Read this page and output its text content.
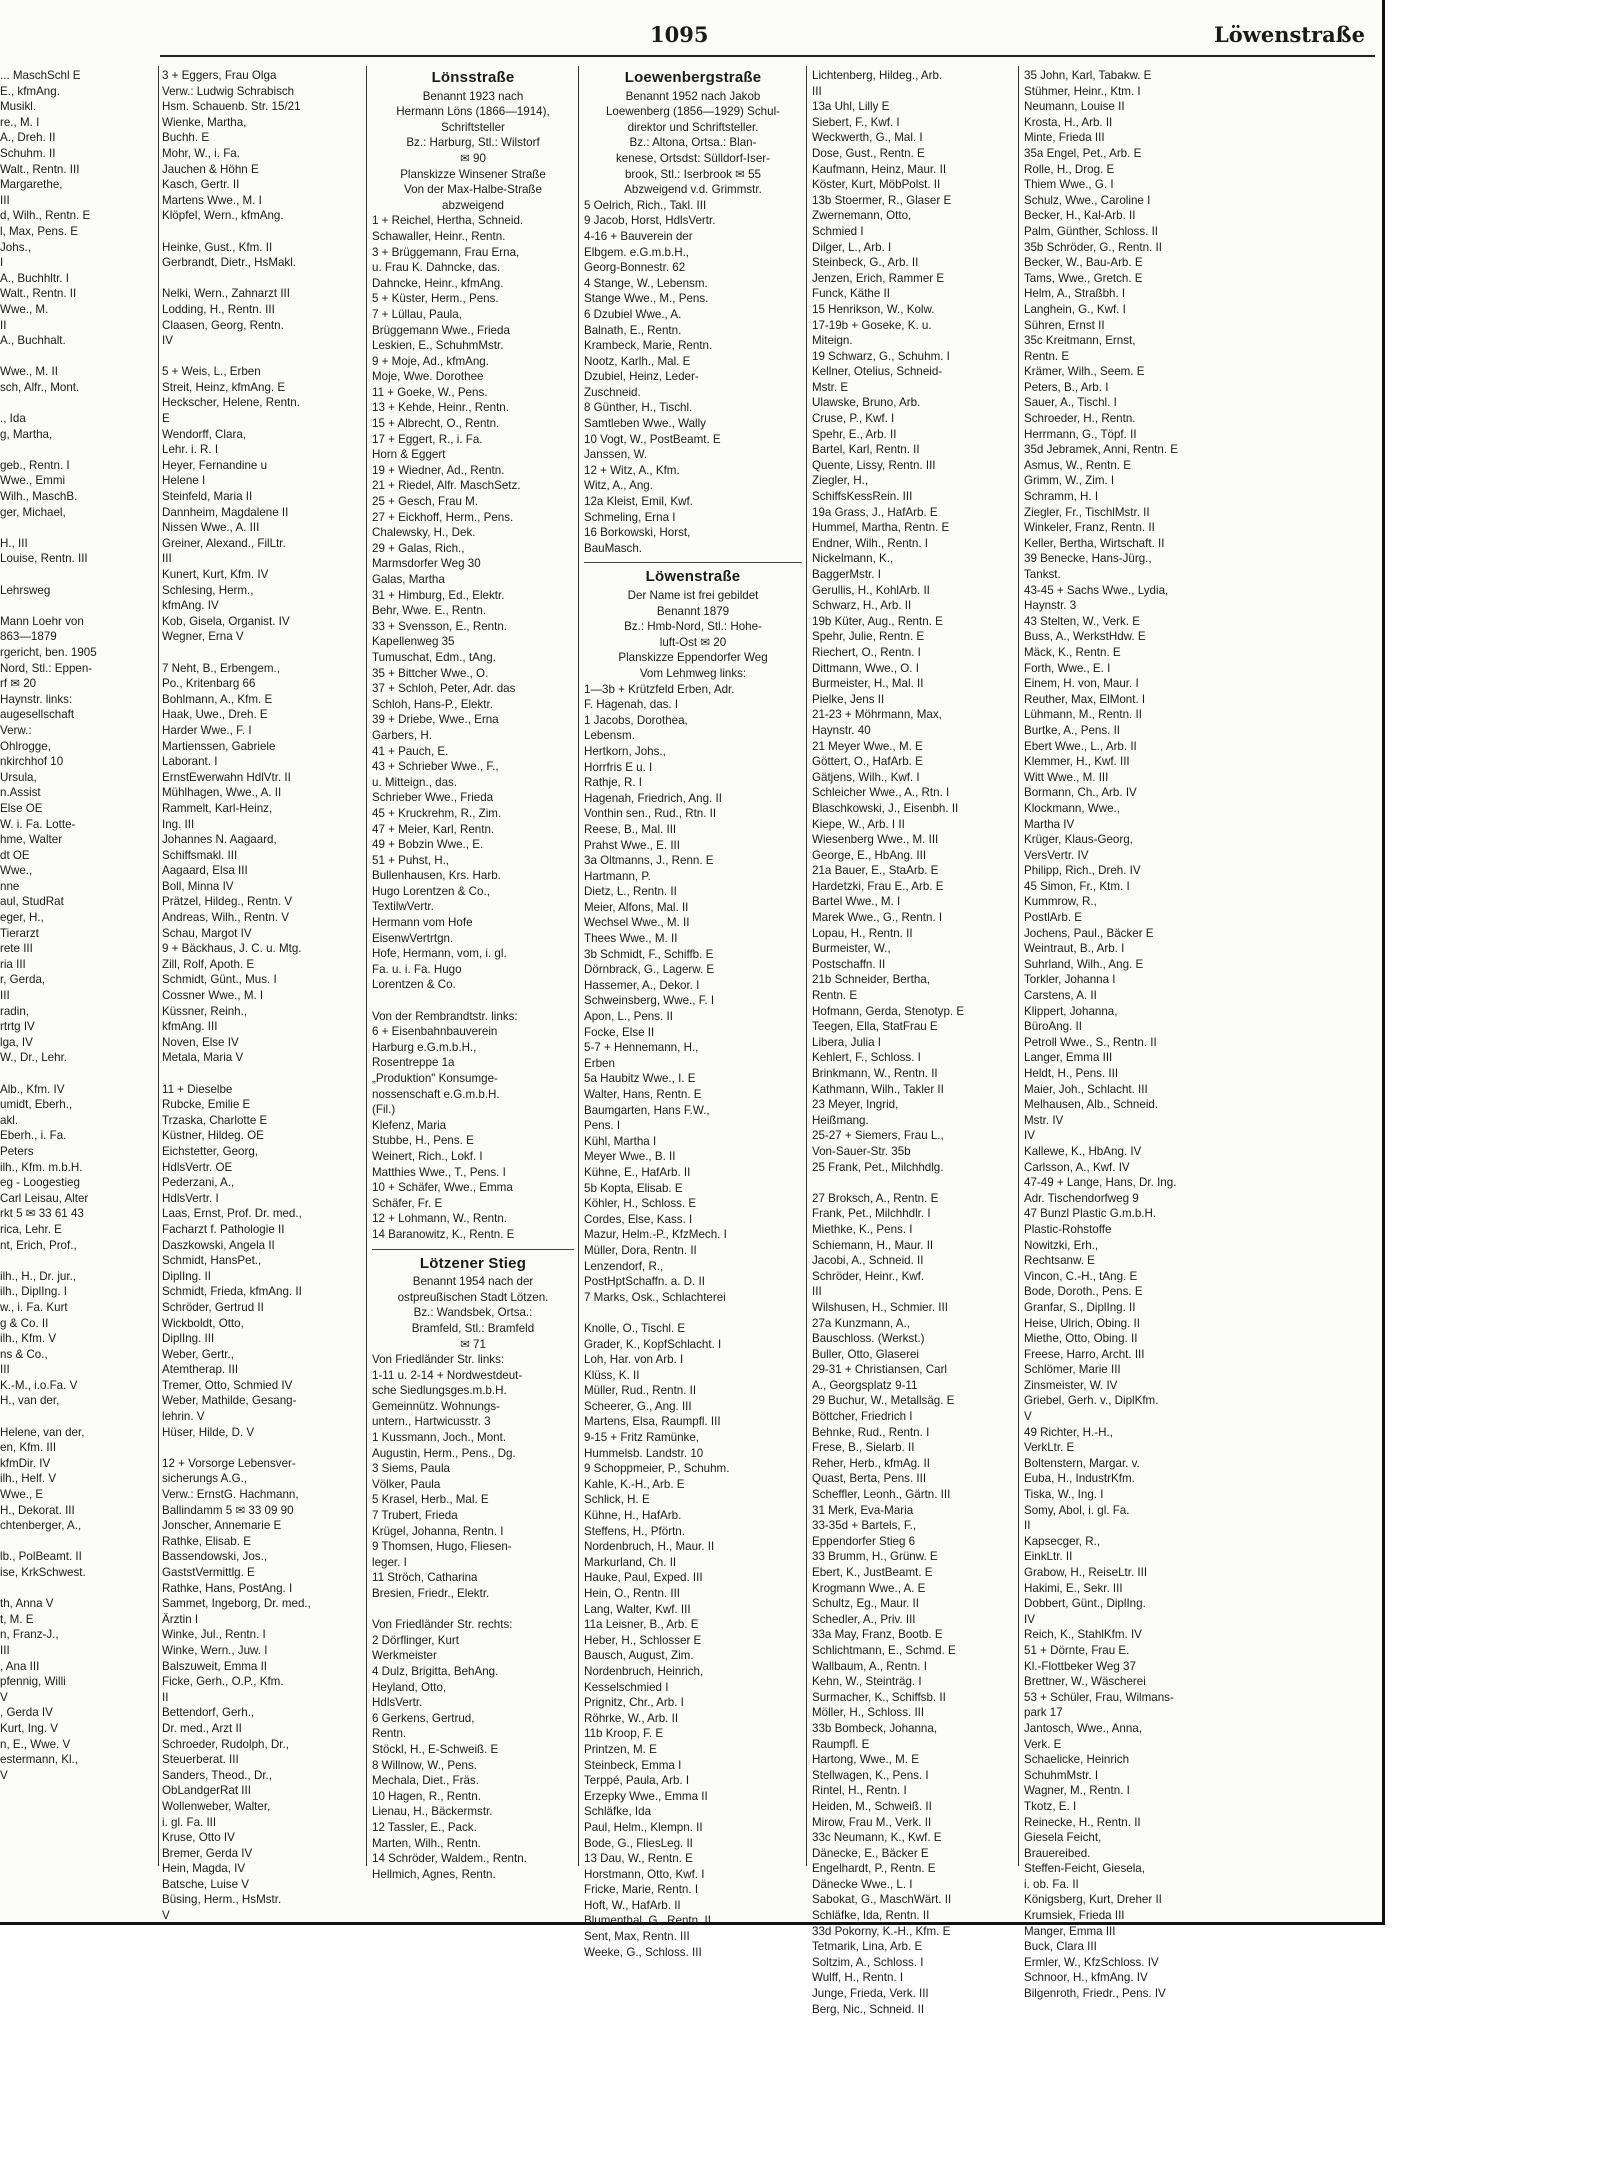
1095	Löwenstraße
... MaschSchl E
E., kfmAng.
Musikl.
re., M. I
A., Dreh. II
Schuhm. II
Walt., Rentn. III
Margarethe,
III
d, Wilh., Rentn. E
l, Max, Pens. E
Johs.,
I
A., Buchhltr. I
Walt., Rentn. II
Wwe., M.
II
A., Buchhalt.

Wwe., M. II
sch, Alfr., Mont.

., Ida
g, Martha,

geb., Rentn. I
Wwe., Emmi
Wilh., MaschB.
ger, Michael,

H., III
Louise, Rentn. III

Lehrsweg

Mann Loehr von
863—1879
rgericht, ben. 1905
Nord, Stl.: Eppen-
rf ✉ 20
Haynstr. links:
augesellschaft
Verw.:
Ohlrogge,
nkirchhof 10
Ursula,
n.Assist
Else OE
W. i. Fa. Lotte-
hme, Walter
dt OE
Wwe.,
nne
aul, StudRat
eger, H.,
Tierarzt
rete III
ria III
r, Gerda,
III
radin,
rtrtg IV
lga, IV
W., Dr., Lehr.

Alb., Kfm. IV
umidt, Eberh.,
akl.
Eberh., i. Fa.
Peters
ilh., Kfm. m.b.H.
eg - Loogestieg
Carl Leisau, Alter
rkt 5 ✉ 33 61 43
rica, Lehr. E
nt, Erich, Prof.,

ilh., H., Dr. jur.,
ilh., DiplIng. I
w., i. Fa. Kurt
g & Co. II
ilh., Kfm. V
ns & Co.,
III
K.-M., i.o.Fa. V
H., van der,

Helene, van der,
en, Kfm. III
kfmDir. IV
ilh., Helf. V
Wwe., E
H., Dekorat. III
chtenberger, A.,

lb., PolBeamt. II
ise, KrkSchwest.

th, Anna V
t, M. E
n, Franz-J.,
III
, Ana III
pfennig, Willi
V
, Gerda IV
Kurt, Ing. V
n, E., Wwe. V
estermann, Kl.,
V
3 + Eggers, Frau Olga
Verw.: Ludwig Schrabisch
Hsm. Schauenb. Str. 15/21
Wienke, Martha,
Buchh. E
Mohr, W., i. Fa.
Jauchen & Höhn E
Kasch, Gertr. II
Martens Wwe., M. I
Klöpfel, Wern., kfmAng.

Heinke, Gust., Kfm. II
Gerbrandt, Dietr., HsMakl.

Nelki, Wern., Zahnarzt III
Lodding, H., Rentn. III
Claasen, Georg, Rentn.
IV

5 + Weis, L., Erben
Streit, Heinz, kfmAng. E
Heckscher, Helene, Rentn.
E
Wendorff, Clara,
Lehr. i. R. I
Heyer, Fernandine u
Helene I
Steinfeld, Maria II
Dannheim, Magdalene II
Nissen Wwe., A. III
Greiner, Alexand., FilLtr.
III
Kunert, Kurt, Kfm. IV
Schlesing, Herm.,
kfmAng. IV
Kob, Gisela, Organist. IV
Wegner, Erna V

7 Neht, B., Erbengem.,
Po., Kritenbarg 66
Bohlmann, A., Kfm. E
Haak, Uwe., Dreh. E
Harder Wwe., F. I
Martienssen, Gabriele
Laborant. I
ErnstEwerwahn HdlVtr. II
Mühlhagen, Wwe., A. II
Rammelt, Karl-Heinz,
Ing. III
Johannes N. Aagaard,
Schiffsmakl. III
Aagaard, Elsa III
Boll, Minna IV
Prätzel, Hildeg., Rentn. V
Andreas, Wilh., Rentn. V
Schau, Margot IV
9 + Bäckhaus, J. C. u. Mtg.
Zill, Rolf, Apoth. E
Schmidt, Günt., Mus. I
Cossner Wwe., M. I
Küssner, Reinh.,
kfmAng. III
Noven, Else IV
Metala, Maria V

11 + Dieselbe
Rubcke, Emilie E
Trzaska, Charlotte E
Küstner, Hildeg. OE
Eichstetter, Georg,
HdlsVertr. OE
Pederzani, A.,
HdlsVertr. I
Laas, Ernst, Prof. Dr. med.,
Facharzt f. Pathologie II
Daszkowski, Angela II
Schmidt, HansPet.,
DiplIng. II
Schmidt, Frieda, kfmAng. II
Schröder, Gertrud II
Wickboldt, Otto,
DiplIng. III
Weber, Gertr.,
Atemtherap. III
Tremer, Otto, Schmied IV
Weber, Mathilde, Gesang-
lehrin. V
Hüser, Hilde, D. V

12 + Vorsorge Lebensver-
sicherungs A.G.,
Verw.: ErnstG. Hachmann,
Ballindamm 5 ✉ 33 09 90
Jonscher, Annemarie E
Rathke, Elisab. E
Bassendowski, Jos.,
GaststVermittlg. E
Rathke, Hans, PostAng. I
Sammet, Ingeborg, Dr. med.,
Ärztin I
Winke, Jul., Rentn. I
Winke, Wern., Juw. I
Balszuweit, Emma II
Ficke, Gerh., O.P., Kfm.
II
Bettendorf, Gerh.,
Dr. med., Arzt II
Schroeder, Rudolph, Dr.,
Steuerberat. III
Sanders, Theod., Dr.,
ObLandgerRat III
Wollenweber, Walter,
i. gl. Fa. III
Kruse, Otto IV
Bremer, Gerda IV
Hein, Magda, IV
Batsche, Luise V
Büsing, Herm., HsMstr.
V
Lönsstraße
Benannt 1923 nach
Hermann Löns (1866—1914),
Schriftsteller
Bz.: Harburg, Stl.: Wilstorf
✉ 90
Planskizze Winsener Straße
Von der Max-Halbe-Straße
abzweigend
1 + Reichel, Hertha, Schneid.
Schawaller, Heinr., Rentn.
3 + Brüggemann, Frau Erna,
u. Frau K. Dahncke, das.
Dahncke, Heinr., kfmAng.
5 + Küster, Herm., Pens.
7 + Lüllau, Paula,
Brüggemann Wwe., Frieda
Leskien, E., SchuhmMstr.
9 + Moje, Ad., kfmAng.
Moje, Wwe. Dorothee
11 + Goeke, W., Pens.
13 + Kehde, Heinr., Rentn.
15 + Albrecht, O., Rentn.
17 + Eggert, R., i. Fa.
Horn & Eggert
19 + Wiedner, Ad., Rentn.
21 + Riedel, Alfr. MaschSetz.
25 + Gesch, Frau M.
27 + Eickhoff, Herm., Pens.
Chalewsky, H., Dek.
29 + Galas, Rich.,
Marmsdorfer Weg 30
Galas, Martha
31 + Himburg, Ed., Elektr.
Behr, Wwe. E., Rentn.
33 + Svensson, E., Rentn.
Kapellenweg 35
Tumuschat, Edm., tAng.
35 + Bittcher Wwe., O.
37 + Schloh, Peter, Adr. das
Schloh, Hans-P., Elektr.
39 + Driebe, Wwe., Erna
Garbers, H.
41 + Pauch, E.
43 + Schrieber Wwe., F.,
u. Mitteign., das.
Schrieber Wwe., Frieda
45 + Kruckrehm, R., Zim.
47 + Meier, Karl, Rentn.
49 + Bobzin Wwe., E.
51 + Puhst, H.,
Bullenhausen, Krs. Harb.
Hugo Lorentzen & Co.,
TextilwVertr.
Hermann vom Hofe
EisenwVertrtgn.
Hofe, Hermann, vom, i. gl.
Fa. u. i. Fa. Hugo
Lorentzen & Co.

Von der Rembrandtstr. links:
6 + Eisenbahnbauverein
Harburg e.G.m.b.H.,
Rosentreppe 1a
„Produktion" Konsumge-
nossenschaft e.G.m.b.H.
(Fil.)
Klefenz, Maria
Stubbe, H., Pens. E
Weinert, Rich., Lokf. I
Matthies Wwe., T., Pens. I
10 + Schäfer, Wwe., Emma
Schäfer, Fr. E
12 + Lohmann, W., Rentn.
14 Baranowitz, K., Rentn. E
Lötzener Stieg
Benannt 1954 nach der
ostpreußischen Stadt Lötzen.
Bz.: Wandsbek, Ortsa.:
Bramfeld, Stl.: Bramfeld
✉ 71
Von Friedländer Str. links:
1-11 u. 2-14 + Nordwestdeut-
sche Siedlungsges.m.b.H.
Gemeinnütz. Wohnungs-
untern., Hartwicusstr. 3
1 Kussmann, Joch., Mont.
Augustin, Herm., Pens., Dg.
3 Siems, Paula
Völker, Paula
5 Krasel, Herb., Mal. E
7 Trubert, Frieda
Krügel, Johanna, Rentn. I
9 Thomsen, Hugo, Fliesen-
leger. I
11 Ströch, Catharina
Bresien, Friedr., Elektr.

Von Friedländer Str. rechts:
2 Dörflinger, Kurt
Werkmeister
4 Dulz, Brigitta, BehAng.
Heyland, Otto,
HdlsVertr.
6 Gerkens, Gertrud,
Rentn.
Stöckl, H., E-Schweiß. E
8 Willnow, W., Pens.
Mechala, Diet., Fräs.
10 Hagen, R., Rentn.
Lienau, H., Bäckermstr.
12 Tassler, E., Pack.
Marten, Wilh., Rentn.
14 Schröder, Waldem., Rentn.
Hellmich, Agnes, Rentn.
Loewenbergstraße
Benannt 1952 nach Jakob
Loewenberg (1856—1929) Schul-
direktor und Schriftsteller.
Bz.: Altona, Ortsa.: Blan-
kenese, Ortsdst: Sülldorf-Iser-
brook, Stl.: Iserbrook ✉ 55
Abzweigend v.d. Grimmstr.
5 Oelrich, Rich., Takl. III
9 Jacob, Horst, HdlsVertr.
4-16 + Bauverein der
Elbgem. e.G.m.b.H.,
Georg-Bonnestr. 62
4 Stange, W., Lebensm.
Stange Wwe., M., Pens.
6 Dzubiel Wwe., A.
Balnath, E., Rentn.
Krambeck, Marie, Rentn.
Nootz, Karlh., Mal. E
Dzubiel, Heinz, Leder-
Zuschneid.
8 Günther, H., Tischl.
Samtleben Wwe., Wally
10 Vogt, W., PostBeamt. E
Janssen, W.
12 + Witz, A., Kfm.
Witz, A., Ang.
12a Kleist, Emil, Kwf.
Schmeling, Erna I
16 Borkowski, Horst,
BauMasch.
Löwenstraße
Der Name ist frei gebildet
Benannt 1879
Bz.: Hmb-Nord, Stl.: Hohe-
luft-Ost ✉ 20
Planskizze Eppendorfer Weg
Vom Lehmweg links:
1—3b + Krützfeld Erben, Adr.
F. Hagenah, das. I
1 Jacobs, Dorothea,
Lebensm.
Hertkorn, Johs.,
Horrfris E u. I
Rathje, R. I
Hagenah, Friedrich, Ang. II
Vonthin sen., Rud., Rtn. II
Reese, B., Mal. III
Prahst Wwe., E. III
3a Oltmanns, J., Renn. E
Hartmann, P.
Dietz, L., Rentn. II
Meier, Alfons, Mal. II
Wechsel Wwe., M. II
Thees Wwe., M. II
3b Schmidt, F., Schiffb. E
Dörnbrack, G., Lagerw. E
Hassemer, A., Dekor. I
Schweinsberg, Wwe., F. I
Apon, L., Pens. II
Focke, Else II
5-7 + Hennemann, H.,
Erben
5a Haubitz Wwe., I. E
Walter, Hans, Rentn. E
Baumgarten, Hans F.W.,
Pens. I
Kühl, Martha I
Meyer Wwe., B. II
Kühne, E., HafArb. II
5b Kopta, Elisab. E
Köhler, H., Schloss. E
Cordes, Else, Kass. I
Mazur, Helm.-P., KfzMech. I
Müller, Dora, Rentn. II
Lenzendorf, R.,
PostHptSchaffn. a. D. II
7 Marks, Osk., Schlachterei

Knolle, O., Tischl. E
Grader, K., KopfSchlacht. I
Loh, Har. von Arb. I
Klüss, K. II
Müller, Rud., Rentn. II
Scheerer, G., Ang. III
Martens, Elsa, Raumpfl. III
9-15 + Fritz Ramünke,
Hummelsb. Landstr. 10
9 Schoppmeier, P., Schuhm.
Kahle, K.-H., Arb. E
Schlick, H. E
Kühne, H., HafArb.
Steffens, H., Pförtn.
Nordenbruch, H., Maur. II
Markurland, Ch. II
Hauke, Paul, Exped. III
Hein, O., Rentn. III
Lang, Walter, Kwf. III
11a Leisner, B., Arb. E
Heber, H., Schlosser E
Bausch, August, Zim.
Nordenbruch, Heinrich,
Kesselschmied I
Prignitz, Chr., Arb. I
Röhrke, W., Arb. II
11b Kroop, F. E
Printzen, M. E
Steinbeck, Emma I
Terppé, Paula, Arb. I
Erzepky Wwe., Emma II
Schläfke, Ida
Paul, Helm., Klempn. II
Bode, G., FliesLeg. II
13 Dau, W., Rentn. E
Horstmann, Otto, Kwf. I
Fricke, Marie, Rentn. I
Hoft, W., HafArb. II
Blumenthal, G., Rentn. II
Sent, Max, Rentn. III
Weeke, G., Schloss. III
Lichtenberg, Hildeg., Arb.
III
13a Uhl, Lilly E
Siebert, F., Kwf. I
Weckwerth, G., Mal. I
Dose, Gust., Rentn. E
Kaufmann, Heinz, Maur. II
Köster, Kurt, MöbPolst. II
13b Stoermer, R., Glaser E
Zwernemann, Otto,
Schmied I
Dilger, L., Arb. I
Steinbeck, G., Arb. II
Jenzen, Erich, Rammer E
Funck, Käthe II
15 Henrikson, W., Kolw.
17-19b + Goseke, K. u.
Miteign.
19 Schwarz, G., Schuhm. I
Kellner, Otelius, Schneid-
Mstr. E
Ulawske, Bruno, Arb.
Cruse, P., Kwf. I
Spehr, E., Arb. II
Bartel, Karl, Rentn. II
Quente, Lissy, Rentn. III
Ziegler, H.,
SchiffsKessRein. III
19a Grass, J., HafArb. E
Hummel, Martha, Rentn. E
Endner, Wilh., Rentn. I
Nickelmann, K.,
BaggerMstr. I
Gerullis, H., KohlArb. II
Schwarz, H., Arb. II
19b Küter, Aug., Rentn. E
Spehr, Julie, Rentn. E
Riechert, O., Rentn. I
Dittmann, Wwe., O. I
Burmeister, H., Mal. II
Pielke, Jens II
21-23 + Möhrmann, Max,
Haynstr. 40
21 Meyer Wwe., M. E
Göttert, O., HafArb. E
Gätjens, Wilh., Kwf. I
Schleicher Wwe., A., Rtn. I
Blaschkowski, J., Eisenbh. II
Kiepe, W., Arb. I II
Wiesenberg Wwe., M. III
George, E., HbAng. III
21a Bauer, E., StaArb. E
Hardetzki, Frau E., Arb. E
Bartel Wwe., M. I
Marek Wwe., G., Rentn. I
Lopau, H., Rentn. II
Burmeister, W.,
Postschaffn. II
21b Schneider, Bertha,
Rentn. E
Hofmann, Gerda, Stenotyp. E
Teegen, Ella, StatFrau E
Libera, Julia I
Kehlert, F., Schloss. I
Brinkmann, W., Rentn. II
Kathmann, Wilh., Takler II
23 Meyer, Ingrid,
Heißmang.
25-27 + Siemers, Frau L.,
Von-Sauer-Str. 35b
25 Frank, Pet., Milchhdlg.

27 Broksch, A., Rentn. E
Frank, Pet., Milchhdlr. I
Miethke, K., Pens. I
Schiemann, H., Maur. II
Jacobi, A., Schneid. II
Schröder, Heinr., Kwf.
III
Wilshusen, H., Schmier. III
27a Kunzmann, A.,
Bauschloss. (Werkst.)
Buller, Otto, Glaserei
29-31 + Christiansen, Carl
A., Georgsplatz 9-11
29 Buchur, W., Metallsäg. E
Böttcher, Friedrich I
Behnke, Rud., Rentn. I
Frese, B., Sielarb. II
Reher, Herb., kfmAg. II
Quast, Berta, Pens. III
Scheffler, Leonh., Gärtn. III
31 Merk, Eva-Maria
33-35d + Bartels, F.,
Eppendorfer Stieg 6
33 Brumm, H., Grünw. E
Ebert, K., JustBeamt. E
Krogmann Wwe., A. E
Schultz, Eg., Maur. II
Schedler, A., Priv. III
33a May, Franz, Bootb. E
Schlichtmann, E., Schmd. E
Wallbaum, A., Rentn. I
Kehn, W., Steinträg. I
Surmacher, K., Schiffsb. II
Möller, H., Schloss. III
33b Bombeck, Johanna,
Raumpfl. E
Hartong, Wwe., M. E
Stellwagen, K., Pens. I
Rintel, H., Rentn. I
Heiden, M., Schweiß. II
Mirow, Frau M., Verk. II
33c Neumann, K., Kwf. E
Dänecke, E., Bäcker E
Engelhardt, P., Rentn. E
Dänecke Wwe., L. I
Sabokat, G., MaschWärt. II
Schläfke, Ida, Rentn. II
33d Pokorny, K.-H., Kfm. E
Tetmarik, Lina, Arb. E
Soltzim, A., Schloss. I
Wulff, H., Rentn. I
Junge, Frieda, Verk. III
Berg, Nic., Schneid. II
35 John, Karl, Tabakw. E
Stühmer, Heinr., Ktm. I
Neumann, Louise II
Krosta, H., Arb. II
Minte, Frieda III
35a Engel, Pet., Arb. E
Rolle, H., Drog. E
Thiem Wwe., G. I
Schulz, Wwe., Caroline I
Becker, H., Kal-Arb. II
Palm, Günther, Schloss. II
35b Schröder, G., Rentn. II
Becker, W., Bau-Arb. E
Tams, Wwe., Gretch. E
Helm, A., Straßbh. I
Langhein, G., Kwf. I
Sühren, Ernst II
35c Kreitmann, Ernst,
Rentn. E
Krämer, Wilh., Seem. E
Peters, B., Arb. I
Sauer, A., Tischl. I
Schroeder, H., Rentn.
Herrmann, G., Töpf. II
35d Jebramek, Anni, Rentn. E
Asmus, W., Rentn. E
Grimm, W., Zim. I
Schramm, H. I
Ziegler, Fr., TischlMstr. II
Winkeler, Franz, Rentn. II
Keller, Bertha, Wirtschaft. II
39 Benecke, Hans-Jürg.,
Tankst.
43-45 + Sachs Wwe., Lydia,
Haynstr. 3
43 Stelten, W., Verk. E
Buss, A., WerkstHdw. E
Mäck, K., Rentn. E
Forth, Wwe., E. I
Einem, H. von, Maur. I
Reuther, Max, ElMont. I
Lühmann, M., Rentn. II
Burtke, A., Pens. II
Ebert Wwe., L., Arb. II
Klemmer, H., Kwf. III
Witt Wwe., M. III
Bormann, Ch., Arb. IV
Klockmann, Wwe.,
Martha IV
Krüger, Klaus-Georg,
VersVertr. IV
Philipp, Rich., Dreh. IV
45 Simon, Fr., Ktm. I
Kummrow, R.,
PostlArb. E
Jochens, Paul., Bäcker E
Weintraut, B., Arb. I
Suhrland, Wilh., Ang. E
Torkler, Johanna I
Carstens, A. II
Klippert, Johanna,
BüroAng. II
Petroll Wwe., S., Rentn. II
Langer, Emma III
Heldt, H., Pens. III
Maier, Joh., Schlacht. III
Melhausen, Alb., Schneid.
Mstr. IV
IV
Kallewe, K., HbAng. IV
Carlsson, A., Kwf. IV
47-49 + Lange, Hans, Dr. Ing.
Adr. Tischendorfweg 9
47 Bunzl Plastic G.m.b.H.
Plastic-Rohstoffe
Nowitzki, Erh.,
Rechtsanw. E
Vincon, C.-H., tAng. E
Bode, Doroth., Pens. E
Granfar, S., DiplIng. II
Heise, Ulrich, Obing. II
Miethe, Otto, Obing. II
Freese, Harro, Archt. III
Schlömer, Marie III
Zinsmeister, W. IV
Griebel, Gerh. v., DiplKfm.
V
49 Richter, H.-H.,
VerkLtr. E
Boltenstern, Margar. v.
Euba, H., IndustrKfm.
Tiska, W., Ing. I
Somy, Abol, i. gl. Fa.
II
Kapsecger, R.,
EinkLtr. II
Grabow, H., ReiseLtr. III
Hakimi, E., Sekr. III
Dobbert, Günt., DiplIng.
IV
Reich, K., StahlKfm. IV
51 + Dörnte, Frau E.
Kl.-Flottbeker Weg 37
Brettner, W., Wäscherei
53 + Schüler, Frau, Wilmans-
park 17
Jantosch, Wwe., Anna,
Verk. E
Schaelicke, Heinrich
SchuhmMstr. I
Wagner, M., Rentn. I
Tkotz, E. I
Reinecke, H., Rentn. II
Giesela Feicht,
Brauereibed.
Steffen-Feicht, Giesela,
i. ob. Fa. II
Königsberg, Kurt, Dreher II
Krumsiek, Frieda III
Manger, Emma III
Buck, Clara III
Ermler, W., KfzSchloss. IV
Schnoor, H., kfmAng. IV
Bilgenroth, Friedr., Pens. IV
